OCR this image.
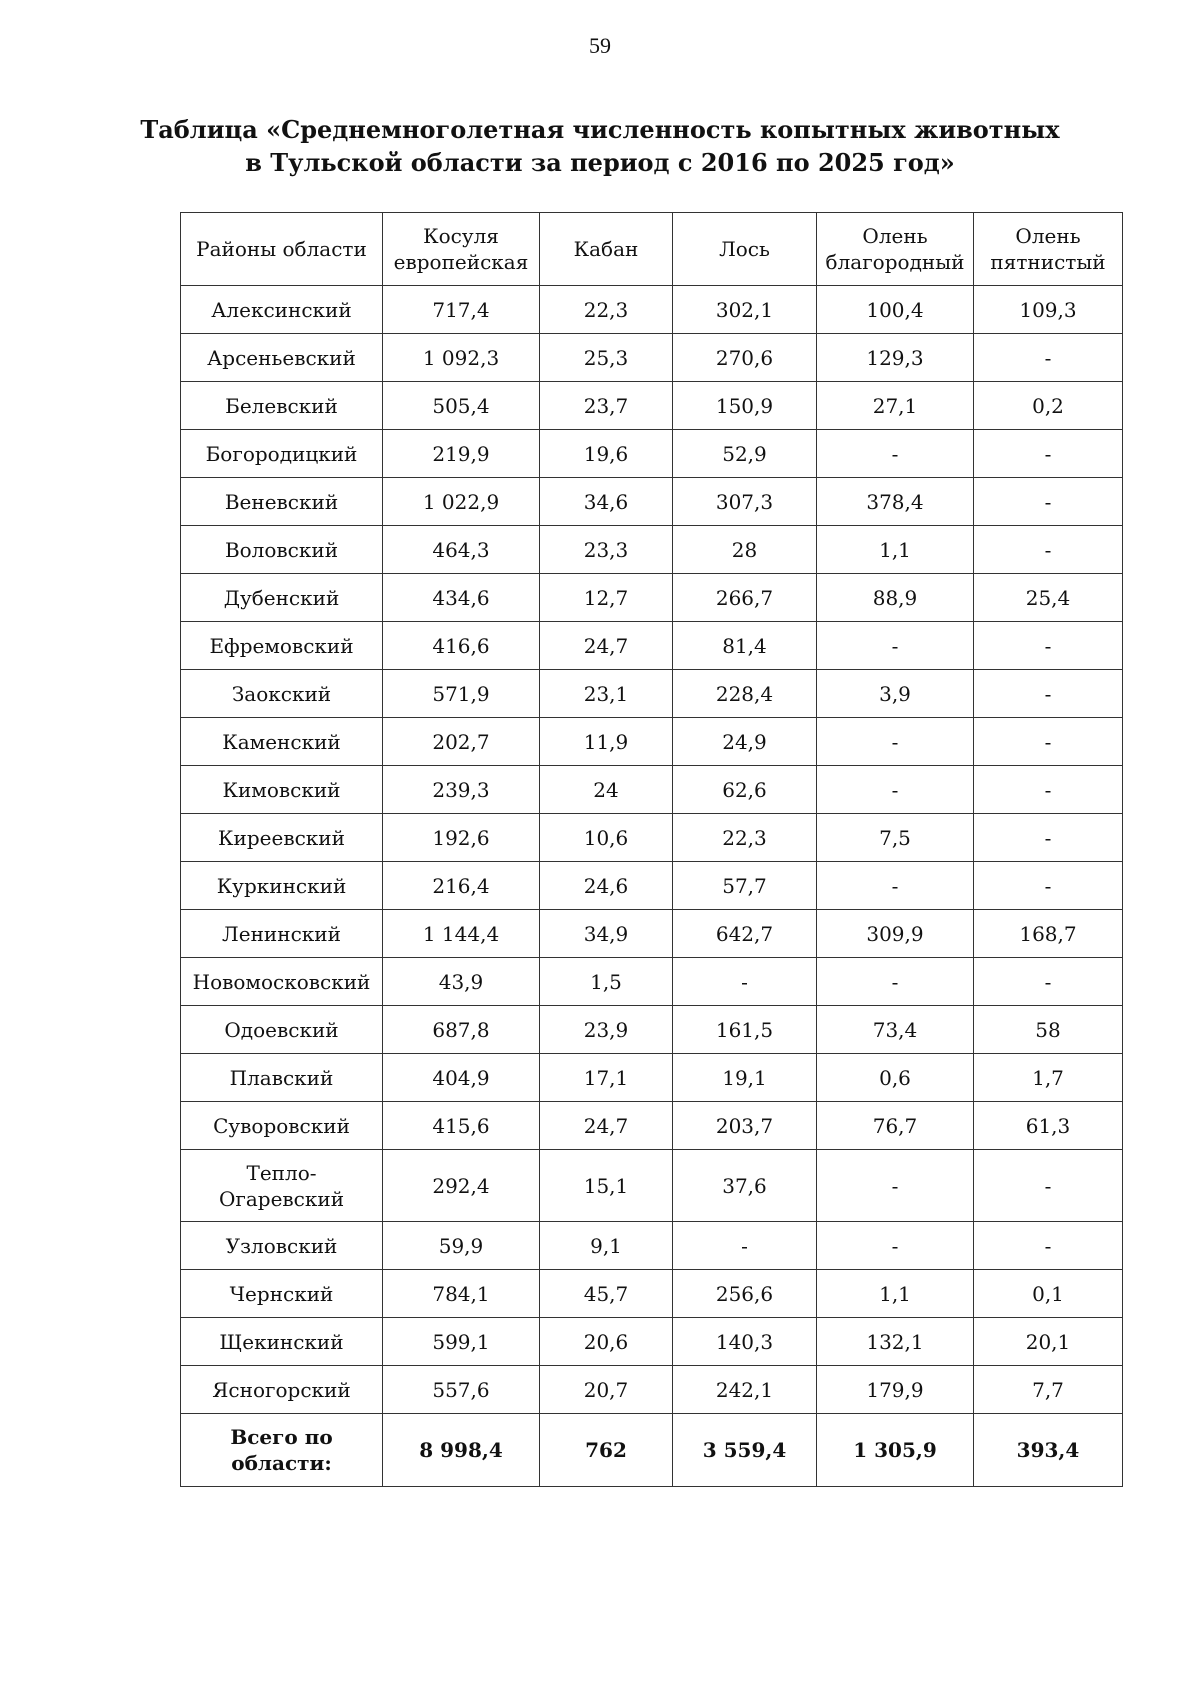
59
Таблица «Среднемноголетная численность копытных животных
в Тульской области за период с 2016 по 2025 год»
Районы области	Косуля европейская	Кабан	Лось	Олень благородный	Олень пятнистый
Алексинский	717,4	22,3	302,1	100,4	109,3
Арсеньевский	1 092,3	25,3	270,6	129,3	-
Белевский	505,4	23,7	150,9	27,1	0,2
Богородицкий	219,9	19,6	52,9	-	-
Веневский	1 022,9	34,6	307,3	378,4	-
Воловский	464,3	23,3	28	1,1	-
Дубенский	434,6	12,7	266,7	88,9	25,4
Ефремовский	416,6	24,7	81,4	-	-
Заокский	571,9	23,1	228,4	3,9	-
Каменский	202,7	11,9	24,9	-	-
Кимовский	239,3	24	62,6	-	-
Киреевский	192,6	10,6	22,3	7,5	-
Куркинский	216,4	24,6	57,7	-	-
Ленинский	1 144,4	34,9	642,7	309,9	168,7
Новомосковский	43,9	1,5	-	-	-
Одоевский	687,8	23,9	161,5	73,4	58
Плавский	404,9	17,1	19,1	0,6	1,7
Суворовский	415,6	24,7	203,7	76,7	61,3
Тепло-Огаревский	292,4	15,1	37,6	-	-
Узловский	59,9	9,1	-	-	-
Чернский	784,1	45,7	256,6	1,1	0,1
Щекинский	599,1	20,6	140,3	132,1	20,1
Ясногорский	557,6	20,7	242,1	179,9	7,7
Всего по области:	8 998,4	762	3 559,4	1 305,9	393,4
